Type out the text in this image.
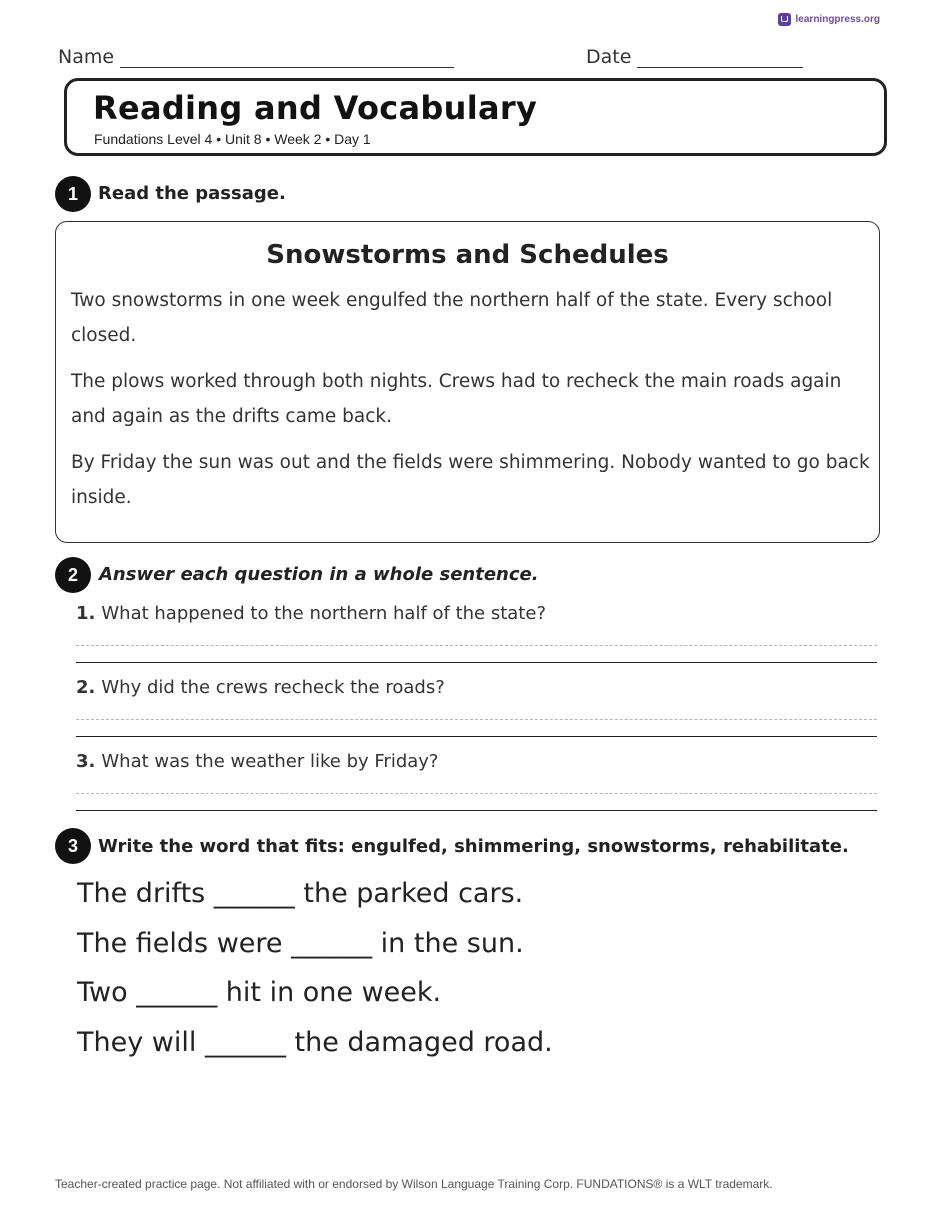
learningpress.org
Name	Date
Reading and Vocabulary
Fundations Level 4 • Unit 8 • Week 2 • Day 1
1	Read the passage.
Snowstorms and Schedules
Two snowstorms in one week engulfed the northern half of the state. Every school closed.
The plows worked through both nights. Crews had to recheck the main roads again and again as the drifts came back.
By Friday the sun was out and the fields were shimmering. Nobody wanted to go back inside.
2	Answer each question in a whole sentence.
1. What happened to the northern half of the state?
2. Why did the crews recheck the roads?
3. What was the weather like by Friday?
3	Write the word that fits: engulfed, shimmering, snowstorms, rehabilitate.
The drifts ______ the parked cars.
The fields were ______ in the sun.
Two ______ hit in one week.
They will ______ the damaged road.
Teacher-created practice page. Not affiliated with or endorsed by Wilson Language Training Corp. FUNDATIONS® is a WLT trademark.
